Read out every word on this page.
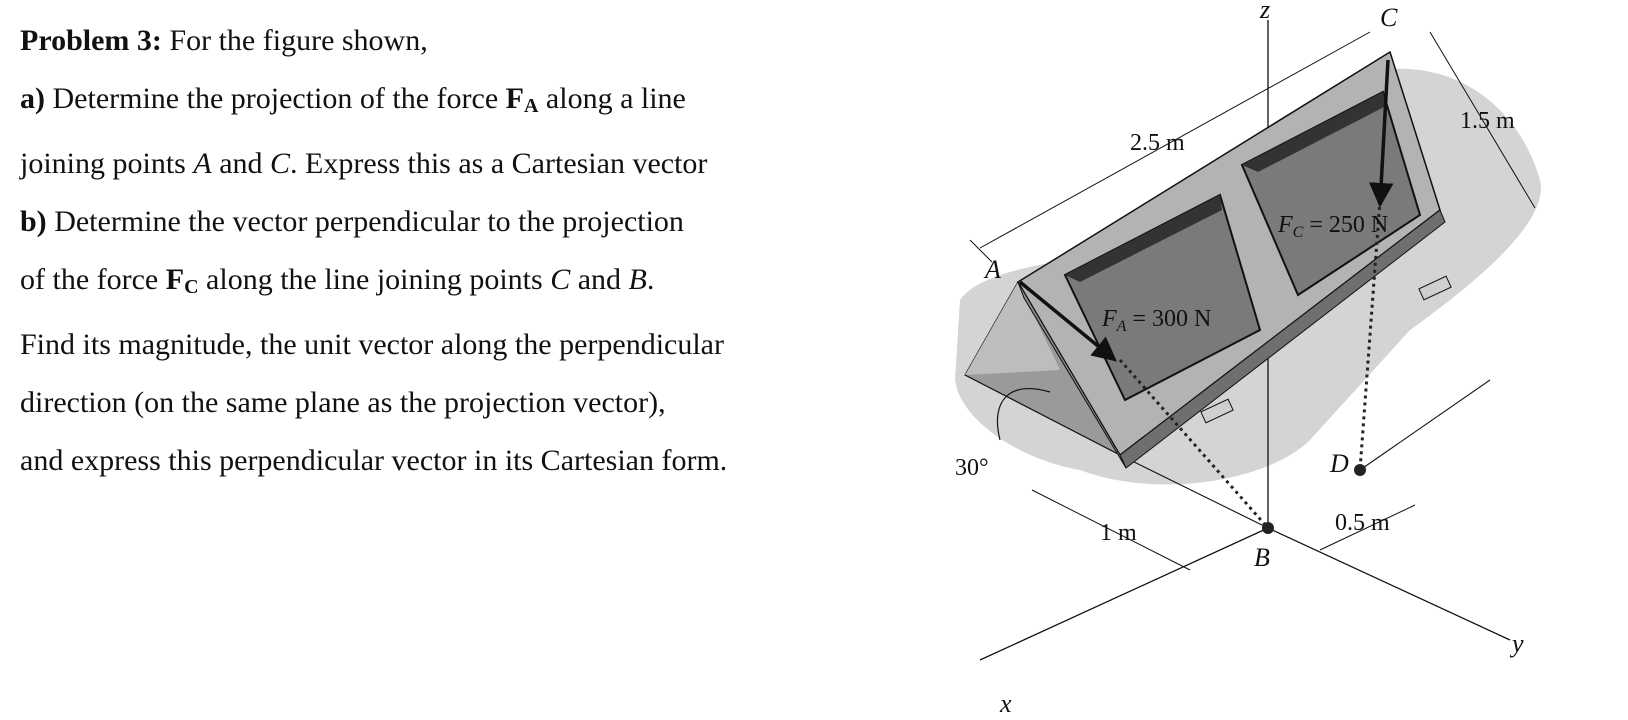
Problem 3: For the figure shown,

a) Determine the projection of the force $F_A$ along a line

joining points A and C. Express this as a Cartesian vector

b) Determine the vector perpendicular to the projection

of the force $F_C$ along the line joining points C and B.

Find its magnitude, the unit vector along the perpendicular

direction (on the same plane as the projection vector),

and express this perpendicular vector in its Cartesian form.

z
x
y
A
B
C
D
2.5 m
1.5 m
1 m	0.5 m
30°
$F_A = 300$ N
$F_C = 250$ N
